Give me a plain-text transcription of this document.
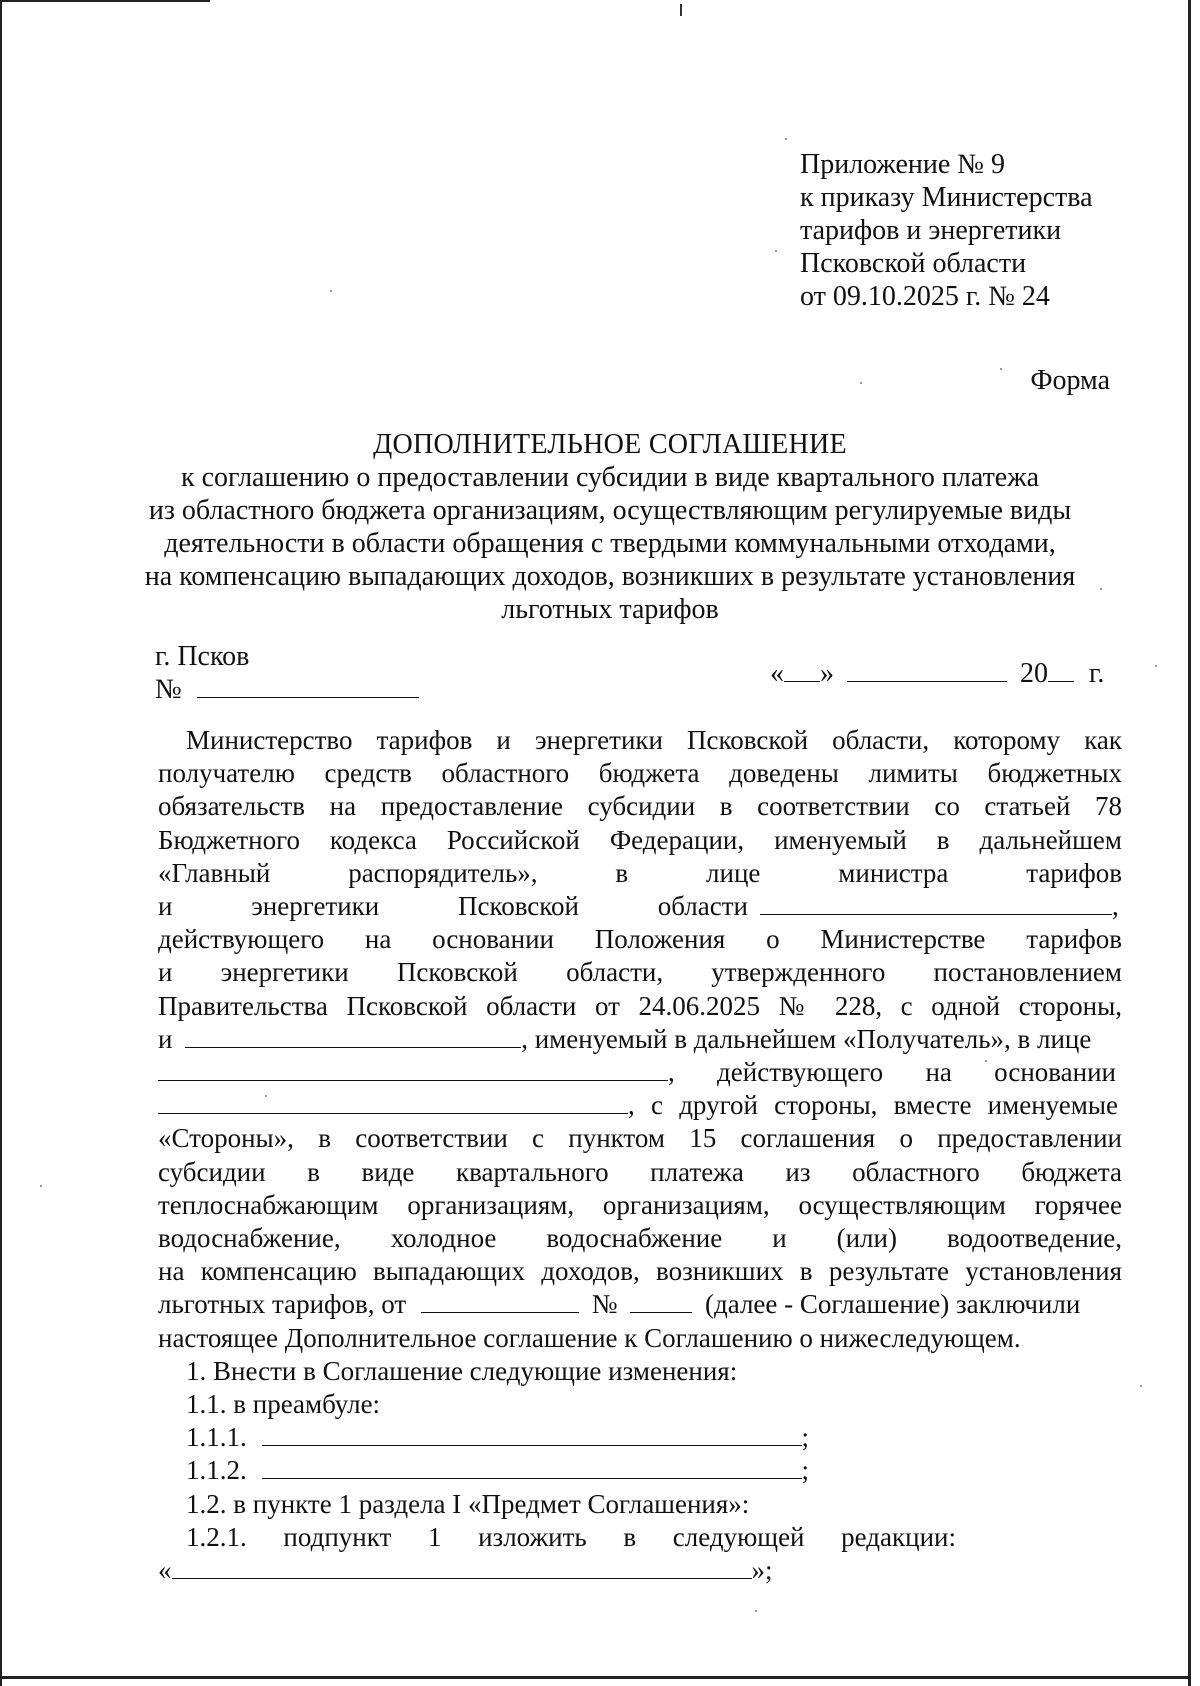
Приложение № 9
к приказу Министерства
тарифов и энергетики
Псковской области
от 09.10.2025 г. № 24
Форма
ДОПОЛНИТЕЛЬНОЕ СОГЛАШЕНИЕ
к соглашению о предоставлении субсидии в виде квартального платежа
из областного бюджета организациям, осуществляющим регулируемые виды
деятельности в области обращения с твердыми коммунальными отходами,
на компенсацию выпадающих доходов, возникших в результате установления
льготных тарифов
г. Псков
№
« »	20 г.
Министерство тарифов и энергетики Псковской области, которому как
получателю средств областного бюджета доведены лимиты бюджетных
обязательств на предоставление субсидии в соответствии со статьей 78
Бюджетного кодекса Российской Федерации, именуемый в дальнейшем
«Главный распорядитель», в лице министра тарифов
и энергетики Псковской области	,
действующего на основании Положения о Министерстве тарифов
и энергетики Псковской области, утвержденного постановлением
Правительства Псковской области от 24.06.2025 № 228, с одной стороны,
и	, именуемый в дальнейшем «Получатель», в лице
, действующего на основании
, с другой стороны, вместе именуемые
«Стороны», в соответствии с пунктом 15 соглашения о предоставлении
субсидии в виде квартального платежа из областного бюджета
теплоснабжающим организациям, организациям, осуществляющим горячее
водоснабжение, холодное водоснабжение и (или) водоотведение,
на компенсацию выпадающих доходов, возникших в результате установления
льготных тарифов, от	№	(далее - Соглашение) заключили
настоящее Дополнительное соглашение к Соглашению о нижеследующем.
1. Внести в Соглашение следующие изменения:
1.1. в преамбуле:
1.1.1.	;
1.1.2.	;
1.2. в пункте 1 раздела I «Предмет Соглашения»:
1.2.1. подпункт 1 изложить в следующей редакции:
«	»;
